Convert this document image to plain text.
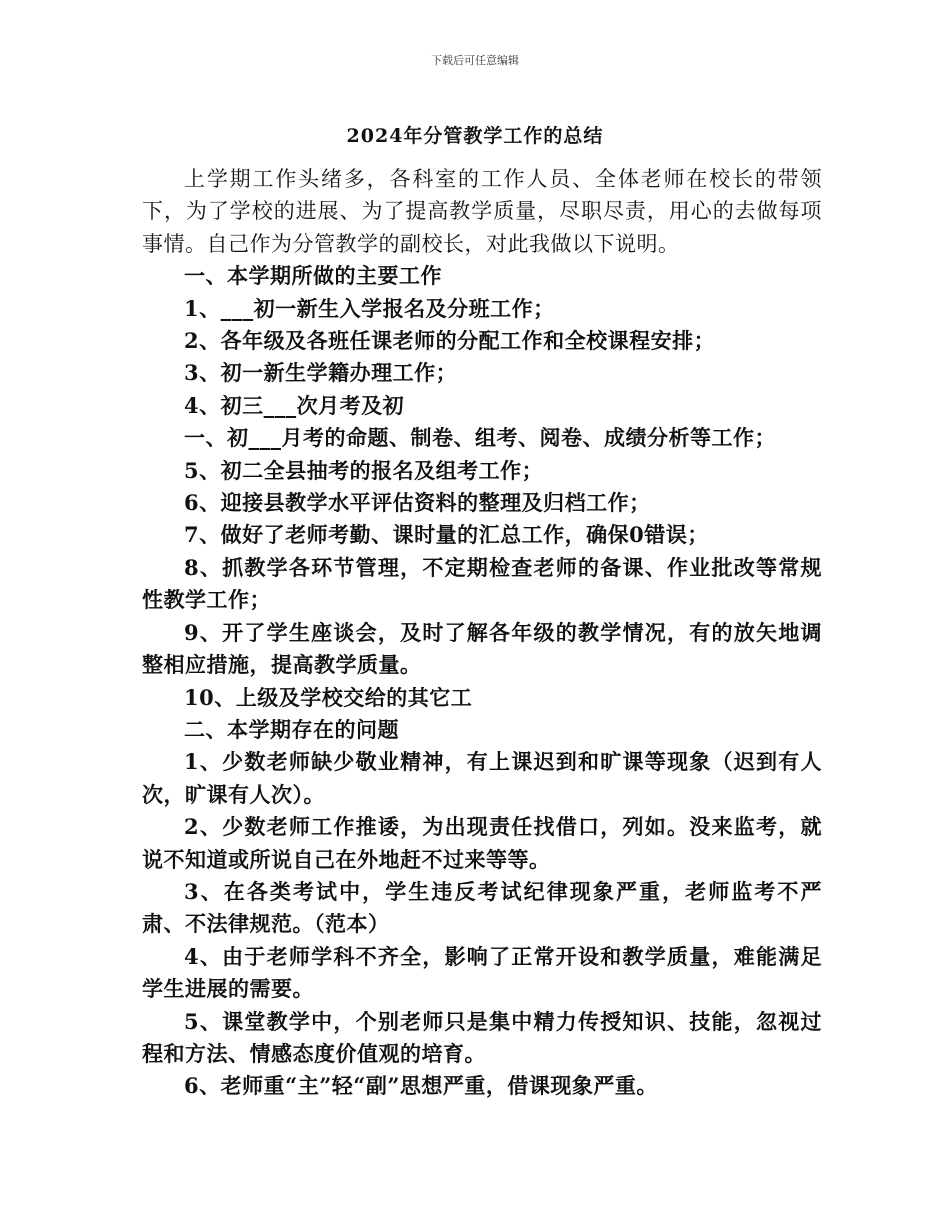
下载后可任意编辑
2024年分管教学工作的总结

上学期工作头绪多，各科室的工作人员、全体老师在校长的带领下，为了学校的进展、为了提高教学质量，尽职尽责，用心的去做每项事情。自己作为分管教学的副校长，对此我做以下说明。

一、本学期所做的主要工作

1、___初一新生入学报名及分班工作；

2、各年级及各班任课老师的分配工作和全校课程安排；

3、初一新生学籍办理工作；

4、初三___次月考及初

一、初___月考的命题、制卷、组考、阅卷、成绩分析等工作；

5、初二全县抽考的报名及组考工作；

6、迎接县教学水平评估资料的整理及归档工作；

7、做好了老师考勤、课时量的汇总工作，确保0错误；

8、抓教学各环节管理，不定期检查老师的备课、作业批改等常规性教学工作；

9、开了学生座谈会，及时了解各年级的教学情况，有的放矢地调整相应措施，提高教学质量。

10、上级及学校交给的其它工

二、本学期存在的问题

1、少数老师缺少敬业精神，有上课迟到和旷课等现象（迟到有人次，旷课有人次）。

2、少数老师工作推诿，为出现责任找借口，列如。没来监考，就说不知道或所说自己在外地赶不过来等等。

3、在各类考试中，学生违反考试纪律现象严重，老师监考不严肃、不法律规范。（范本）

4、由于老师学科不齐全，影响了正常开设和教学质量，难能满足学生进展的需要。

5、课堂教学中，个别老师只是集中精力传授知识、技能，忽视过程和方法、情感态度价值观的培育。

6、老师重“主”轻“副”思想严重，借课现象严重。
